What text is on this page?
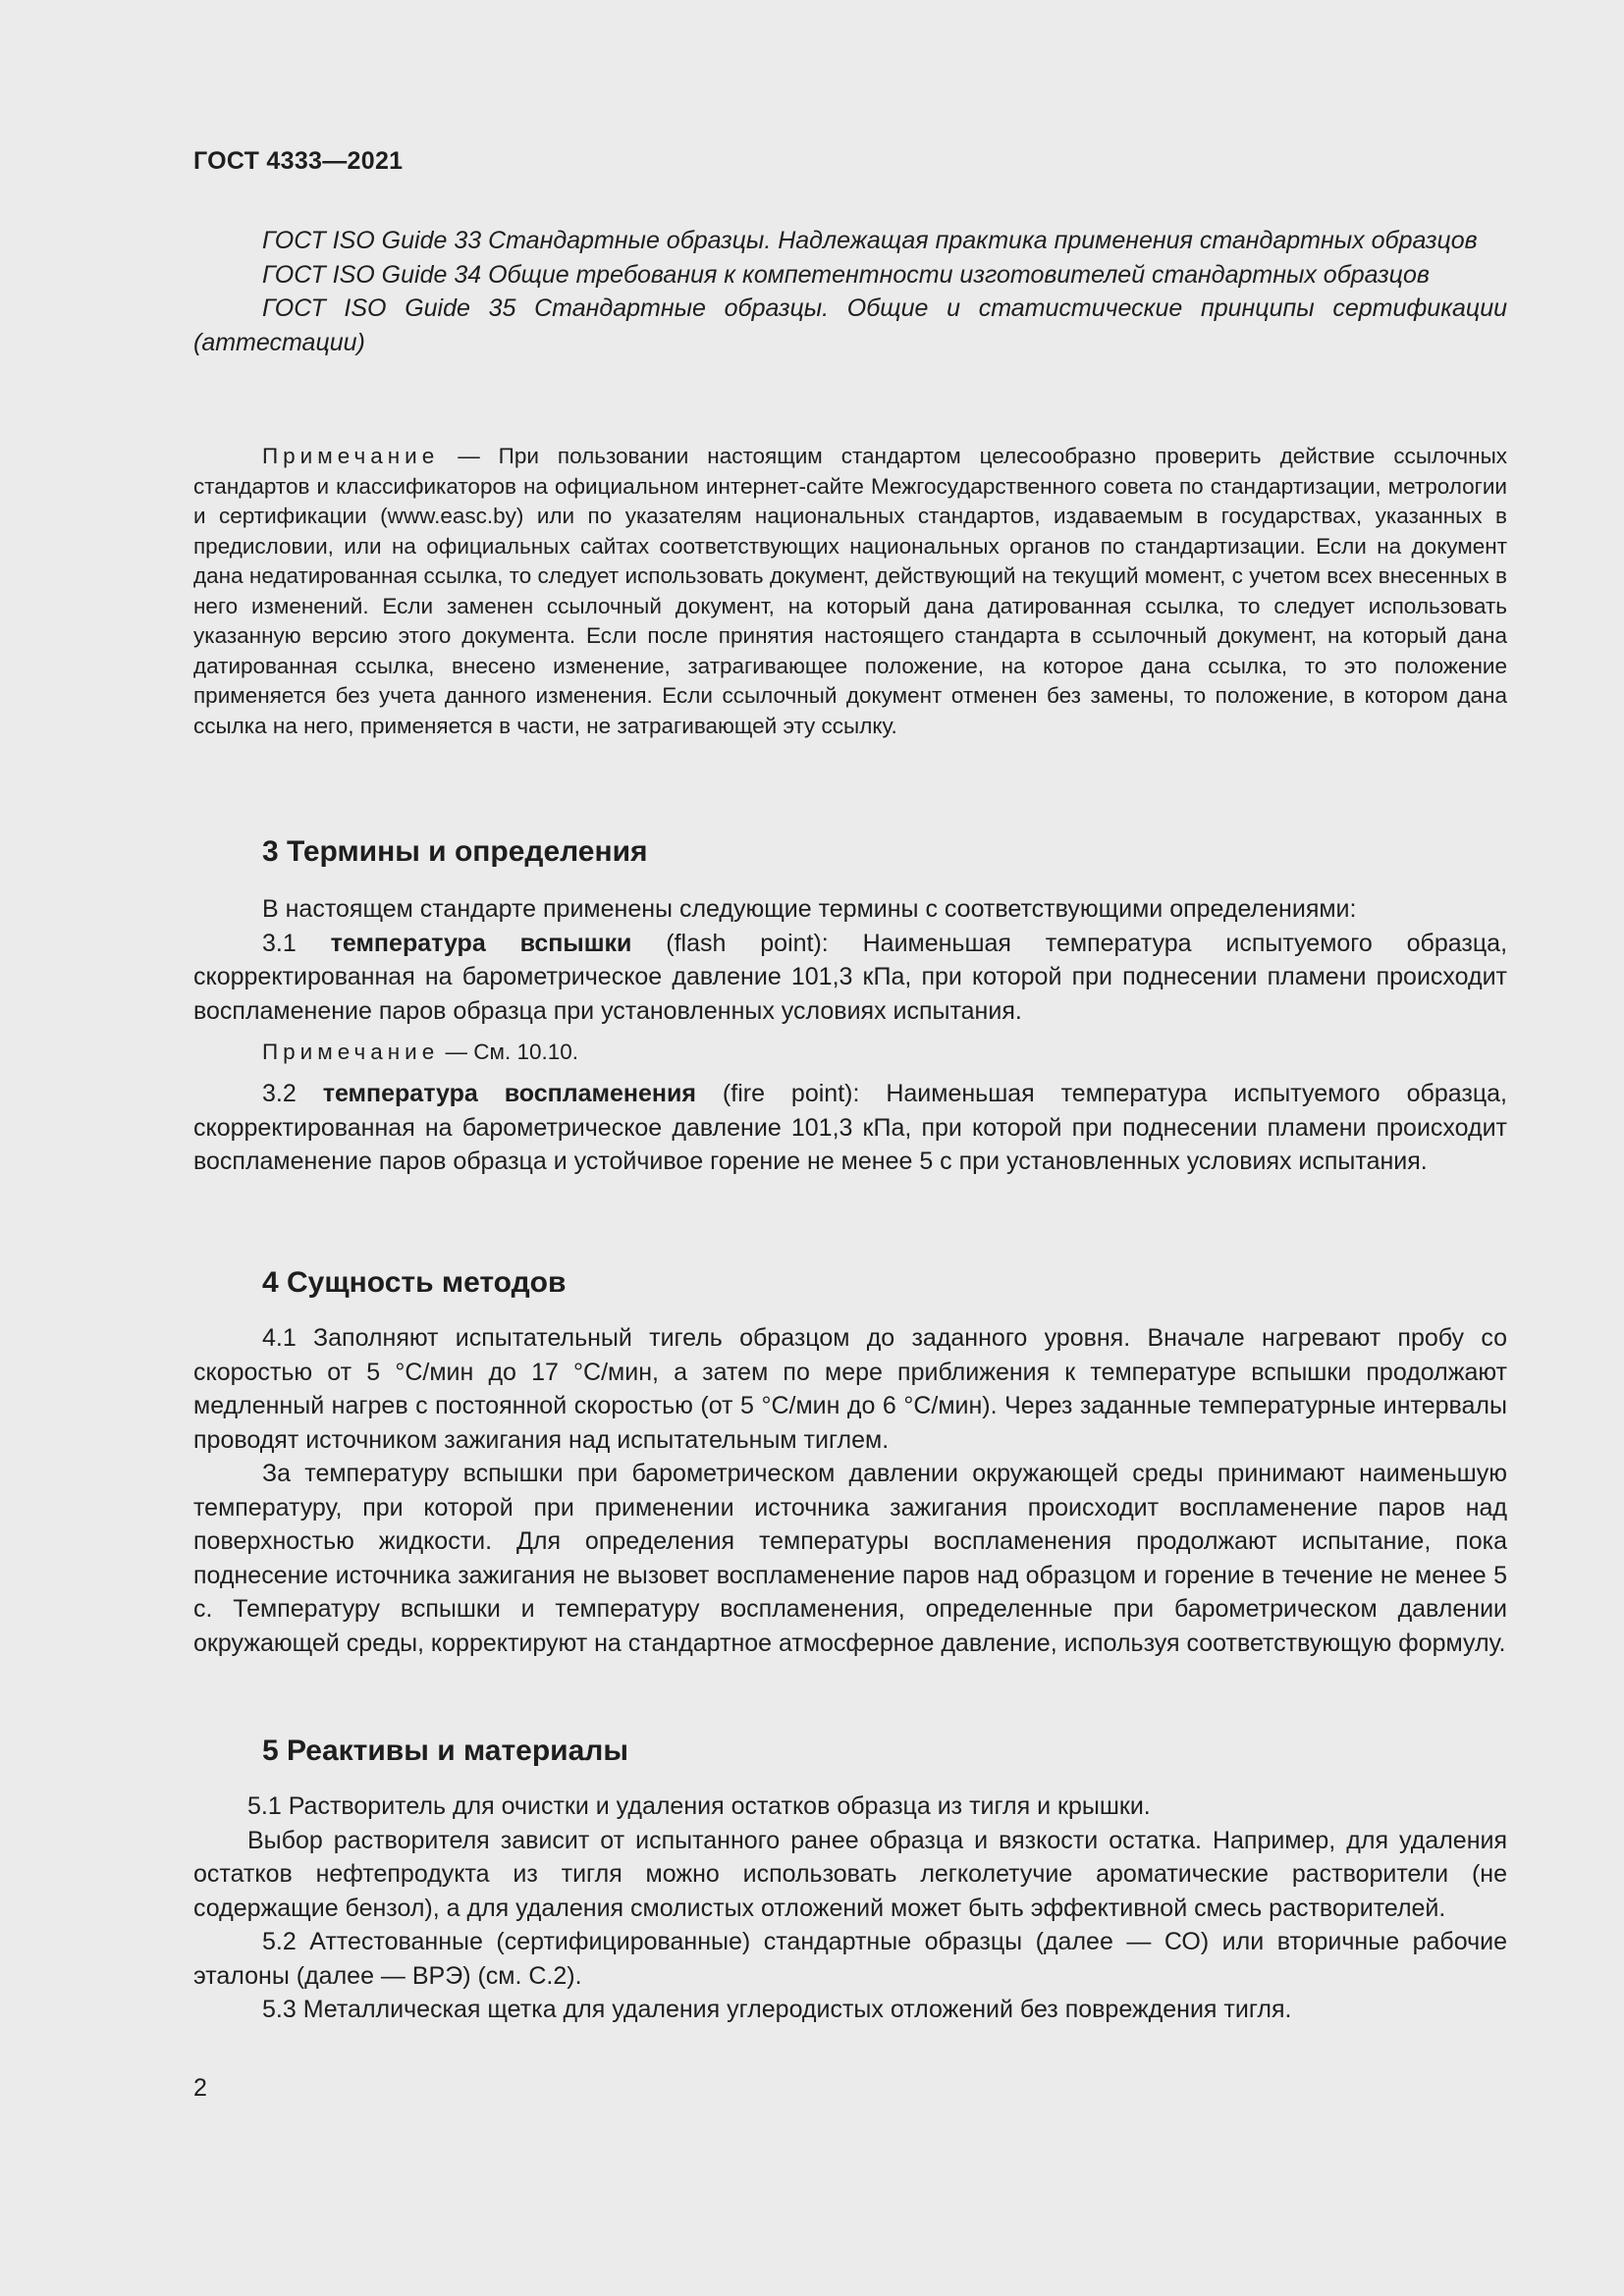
ГОСТ 4333—2021

ГОСТ ISO Guide 33 Стандартные образцы. Надлежащая практика применения стандартных образцов

ГОСТ ISO Guide 34 Общие требования к компетентности изготовителей стандартных образцов

ГОСТ ISO Guide 35 Стандартные образцы. Общие и статистические принципы сертификации (аттестации)

Примечание — При пользовании настоящим стандартом целесообразно проверить действие ссылочных стандартов и классификаторов на официальном интернет-сайте Межгосударственного совета по стандартизации, метрологии и сертификации (www.easc.by) или по указателям национальных стандартов, издаваемым в государствах, указанных в предисловии, или на официальных сайтах соответствующих национальных органов по стандартизации. Если на документ дана недатированная ссылка, то следует использовать документ, действующий на текущий момент, с учетом всех внесенных в него изменений. Если заменен ссылочный документ, на который дана датированная ссылка, то следует использовать указанную версию этого документа. Если после принятия настоящего стандарта в ссылочный документ, на который дана датированная ссылка, внесено изменение, затрагивающее положение, на которое дана ссылка, то это положение применяется без учета данного изменения. Если ссылочный документ отменен без замены, то положение, в котором дана ссылка на него, применяется в части, не затрагивающей эту ссылку.

3 Термины и определения

В настоящем стандарте применены следующие термины с соответствующими определениями:

3.1 температура вспышки (flash point): Наименьшая температура испытуемого образца, скорректированная на барометрическое давление 101,3 кПа, при которой при поднесении пламени происходит воспламенение паров образца при установленных условиях испытания.

Примечание — См. 10.10.

3.2 температура воспламенения (fire point): Наименьшая температура испытуемого образца, скорректированная на барометрическое давление 101,3 кПа, при которой при поднесении пламени происходит воспламенение паров образца и устойчивое горение не менее 5 с при установленных условиях испытания.

4 Сущность методов

4.1 Заполняют испытательный тигель образцом до заданного уровня. Вначале нагревают пробу со скоростью от 5 °С/мин до 17 °С/мин, а затем по мере приближения к температуре вспышки продолжают медленный нагрев с постоянной скоростью (от 5 °С/мин до 6 °С/мин). Через заданные температурные интервалы проводят источником зажигания над испытательным тиглем.

За температуру вспышки при барометрическом давлении окружающей среды принимают наименьшую температуру, при которой при применении источника зажигания происходит воспламенение паров над поверхностью жидкости. Для определения температуры воспламенения продолжают испытание, пока поднесение источника зажигания не вызовет воспламенение паров над образцом и горение в течение не менее 5 с. Температуру вспышки и температуру воспламенения, определенные при барометрическом давлении окружающей среды, корректируют на стандартное атмосферное давление, используя соответствующую формулу.

5 Реактивы и материалы

5.1 Растворитель для очистки и удаления остатков образца из тигля и крышки.

Выбор растворителя зависит от испытанного ранее образца и вязкости остатка. Например, для удаления остатков нефтепродукта из тигля можно использовать легколетучие ароматические растворители (не содержащие бензол), а для удаления смолистых отложений может быть эффективной смесь растворителей.

5.2 Аттестованные (сертифицированные) стандартные образцы (далее — СО) или вторичные рабочие эталоны (далее — ВРЭ) (см. С.2).

5.3 Металлическая щетка для удаления углеродистых отложений без повреждения тигля.

2
